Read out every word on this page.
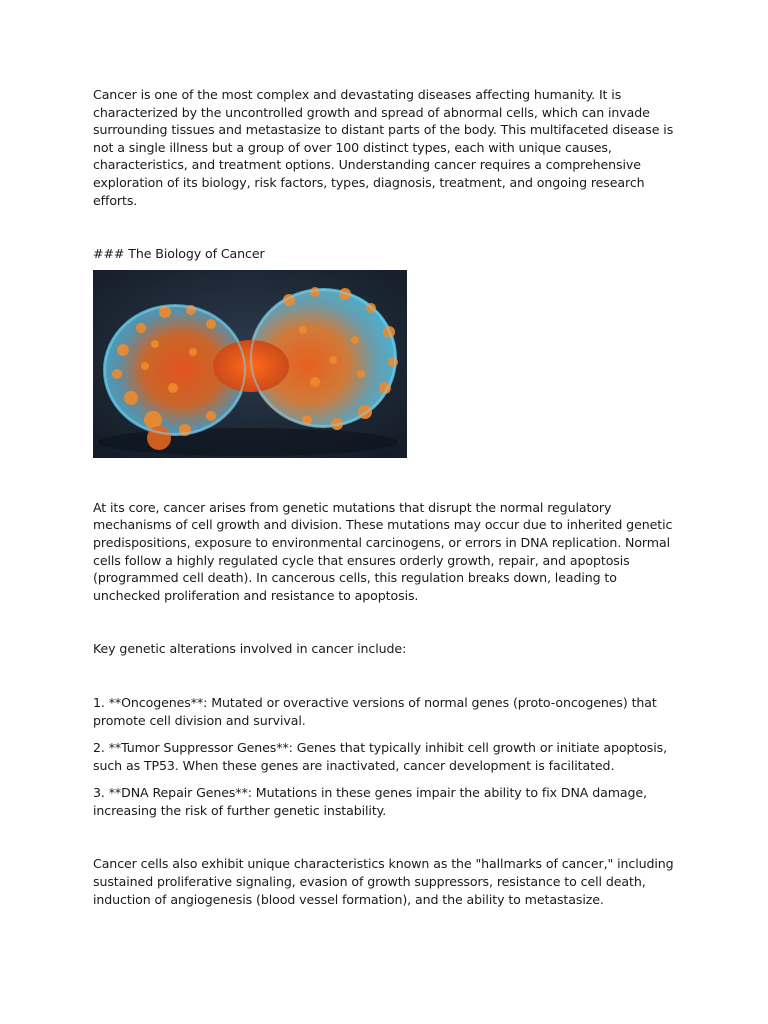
Cancer is one of the most complex and devastating diseases affecting humanity. It is characterized by the uncontrolled growth and spread of abnormal cells, which can invade surrounding tissues and metastasize to distant parts of the body. This multifaceted disease is not a single illness but a group of over 100 distinct types, each with unique causes, characteristics, and treatment options. Understanding cancer requires a comprehensive exploration of its biology, risk factors, types, diagnosis, treatment, and ongoing research efforts.

### The Biology of Cancer

At its core, cancer arises from genetic mutations that disrupt the normal regulatory mechanisms of cell growth and division. These mutations may occur due to inherited genetic predispositions, exposure to environmental carcinogens, or errors in DNA replication. Normal cells follow a highly regulated cycle that ensures orderly growth, repair, and apoptosis (programmed cell death). In cancerous cells, this regulation breaks down, leading to unchecked proliferation and resistance to apoptosis.

Key genetic alterations involved in cancer include:

1. **Oncogenes**: Mutated or overactive versions of normal genes (proto-oncogenes) that promote cell division and survival.

2. **Tumor Suppressor Genes**: Genes that typically inhibit cell growth or initiate apoptosis, such as TP53. When these genes are inactivated, cancer development is facilitated.

3. **DNA Repair Genes**: Mutations in these genes impair the ability to fix DNA damage, increasing the risk of further genetic instability.

Cancer cells also exhibit unique characteristics known as the "hallmarks of cancer," including sustained proliferative signaling, evasion of growth suppressors, resistance to cell death, induction of angiogenesis (blood vessel formation), and the ability to metastasize.
